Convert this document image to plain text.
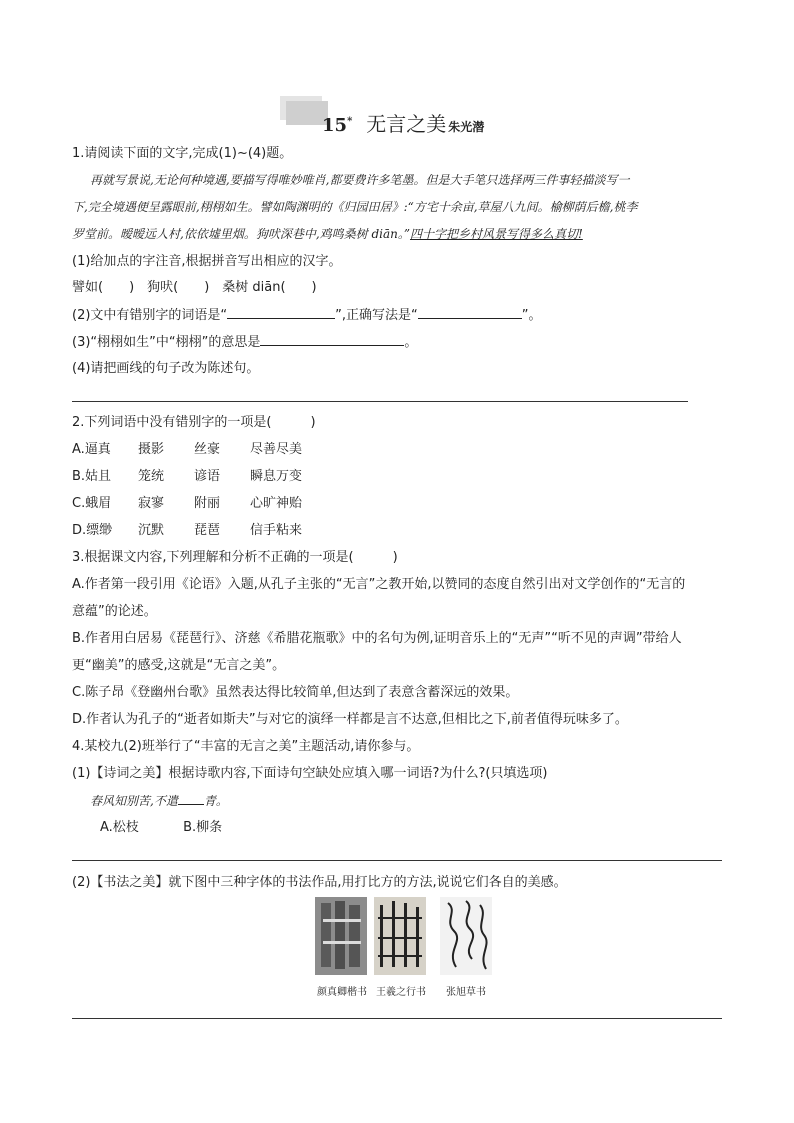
15* 无言之美 朱光潜
1.请阅读下面的文字,完成(1)~(4)题。
再就写景说,无论何种境遇,要描写得唯妙唯肖,都要费许多笔墨。但是大手笔只选择两三件事轻描淡写一
下,完全境遇便呈露眼前,栩栩如生。譬如陶渊明的《归园田居》:“方宅十余亩,草屋八九间。榆柳荫后檐,桃李
罗堂前。暧暧远人村,依依墟里烟。狗吠深巷中,鸡鸣桑树 diān。”四十字把乡村风景写得多么真切!
(1)给加点的字注音,根据拼音写出相应的汉字。
譬如(　　)　狗吠(　　)　桑树 diān(　　)
(2)文中有错别字的词语是“	”,正确写法是“	”。
(3)“栩栩如生”中“栩栩”的意思是	。
(4)请把画线的句子改为陈述句。
2.下列词语中没有错别字的一项是(　　　)
A.逼真	摄影	丝豪	尽善尽美
B.姑且	笼统	谚语	瞬息万变
C.蛾眉	寂寥	附丽	心旷神贻
D.缥缈	沉默	琵琶	信手粘来
3.根据课文内容,下列理解和分析不正确的一项是(　　　)
A.作者第一段引用《论语》入题,从孔子主张的“无言”之教开始,以赞同的态度自然引出对文学创作的“无言的
意蕴”的论述。
B.作者用白居易《琵琶行》、济慈《希腊花瓶歌》中的名句为例,证明音乐上的“无声”“听不见的声调”带给人
更“幽美”的感受,这就是“无言之美”。
C.陈子昂《登幽州台歌》虽然表达得比较简单,但达到了表意含蓄深远的效果。
D.作者认为孔子的“逝者如斯夫”与对它的演绎一样都是言不达意,但相比之下,前者值得玩味多了。
4.某校九(2)班举行了“丰富的无言之美”主题活动,请你参与。
(1)【诗词之美】根据诗歌内容,下面诗句空缺处应填入哪一词语?为什么?(只填选项)
春风知别苦,不遣 青。
A.松枝	B.柳条
(2)【书法之美】就下图中三种字体的书法作品,用打比方的方法,说说它们各自的美感。
颜真卿楷书 王羲之行书	张旭草书
